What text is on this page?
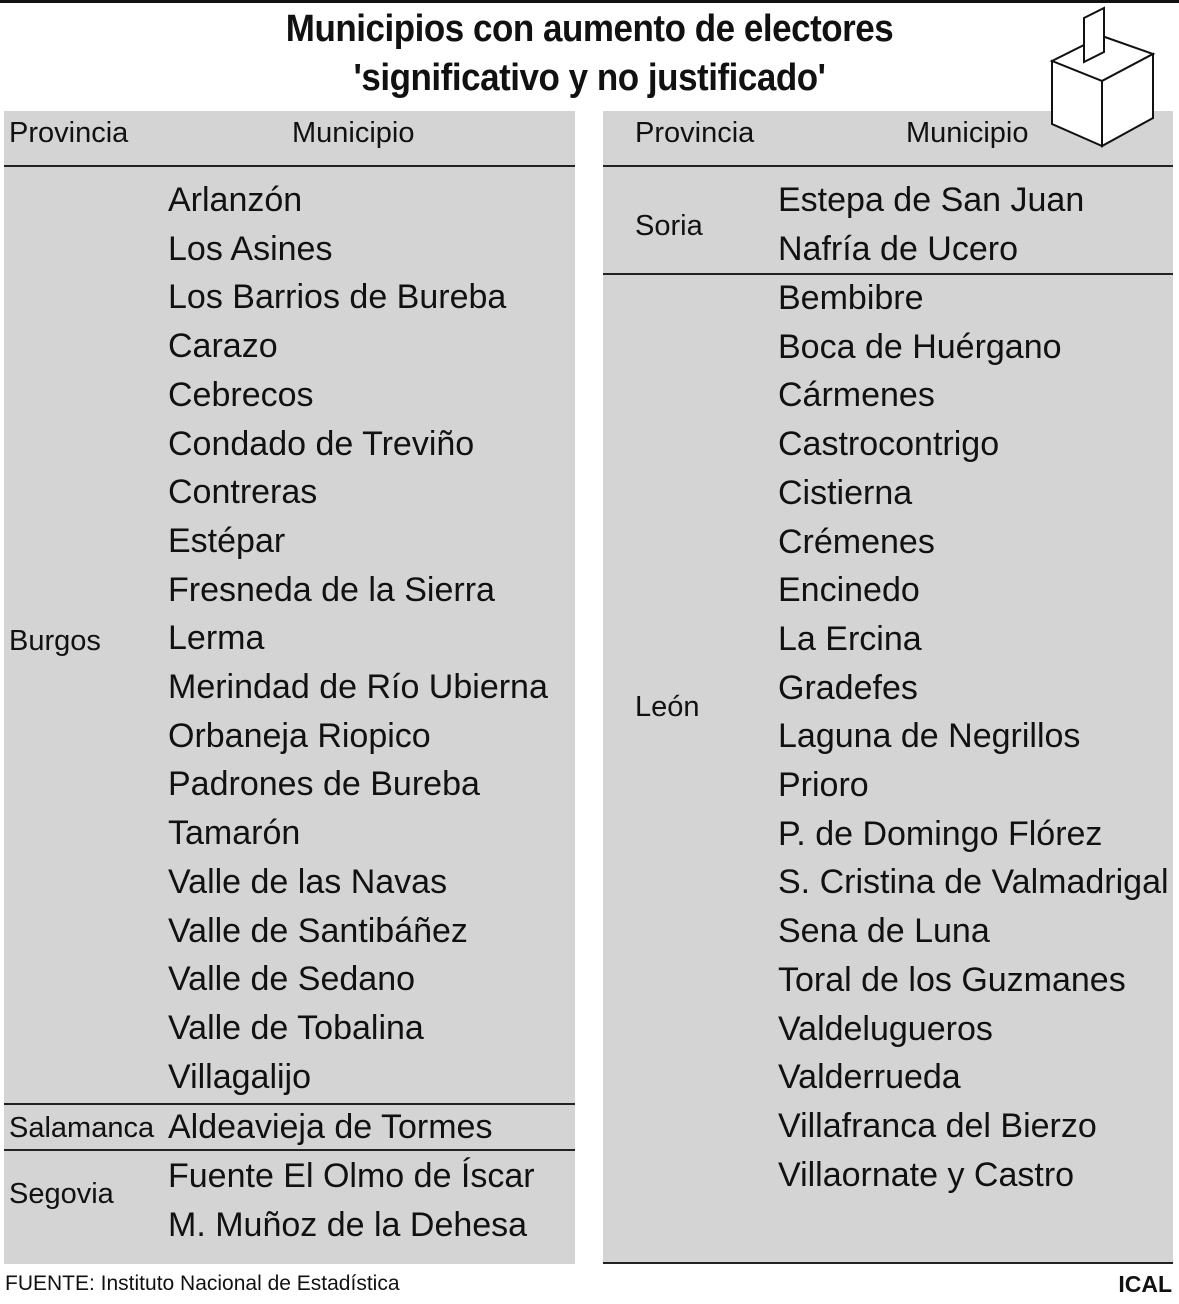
Municipios con aumento de electores
'significativo y no justificado'
Provincia	Municipio	Provincia	Municipio
Burgos
Arlanzón
Los Asines
Los Barrios de Bureba
Carazo
Cebrecos
Condado de Treviño
Contreras
Estépar
Fresneda de la Sierra
Lerma
Merindad de Río Ubierna
Orbaneja Riopico
Padrones de Bureba
Tamarón
Valle de las Navas
Valle de Santibáñez
Valle de Sedano
Valle de Tobalina
Villagalijo
Salamanca Aldeavieja de Tormes
Segovia Fuente El Olmo de Íscar
M. Muñoz de la Dehesa
Soria
Estepa de San Juan
Nafría de Ucero
León
Bembibre
Boca de Huérgano
Cármenes
Castrocontrigo
Cistierna
Crémenes
Encinedo
La Ercina
Gradefes
Laguna de Negrillos
Prioro
P. de Domingo Flórez
S. Cristina de Valmadrigal
Sena de Luna
Toral de los Guzmanes
Valdelugueros
Valderrueda
Villafranca del Bierzo
Villaornate y Castro
FUENTE: Instituto Nacional de Estadística	ICAL
